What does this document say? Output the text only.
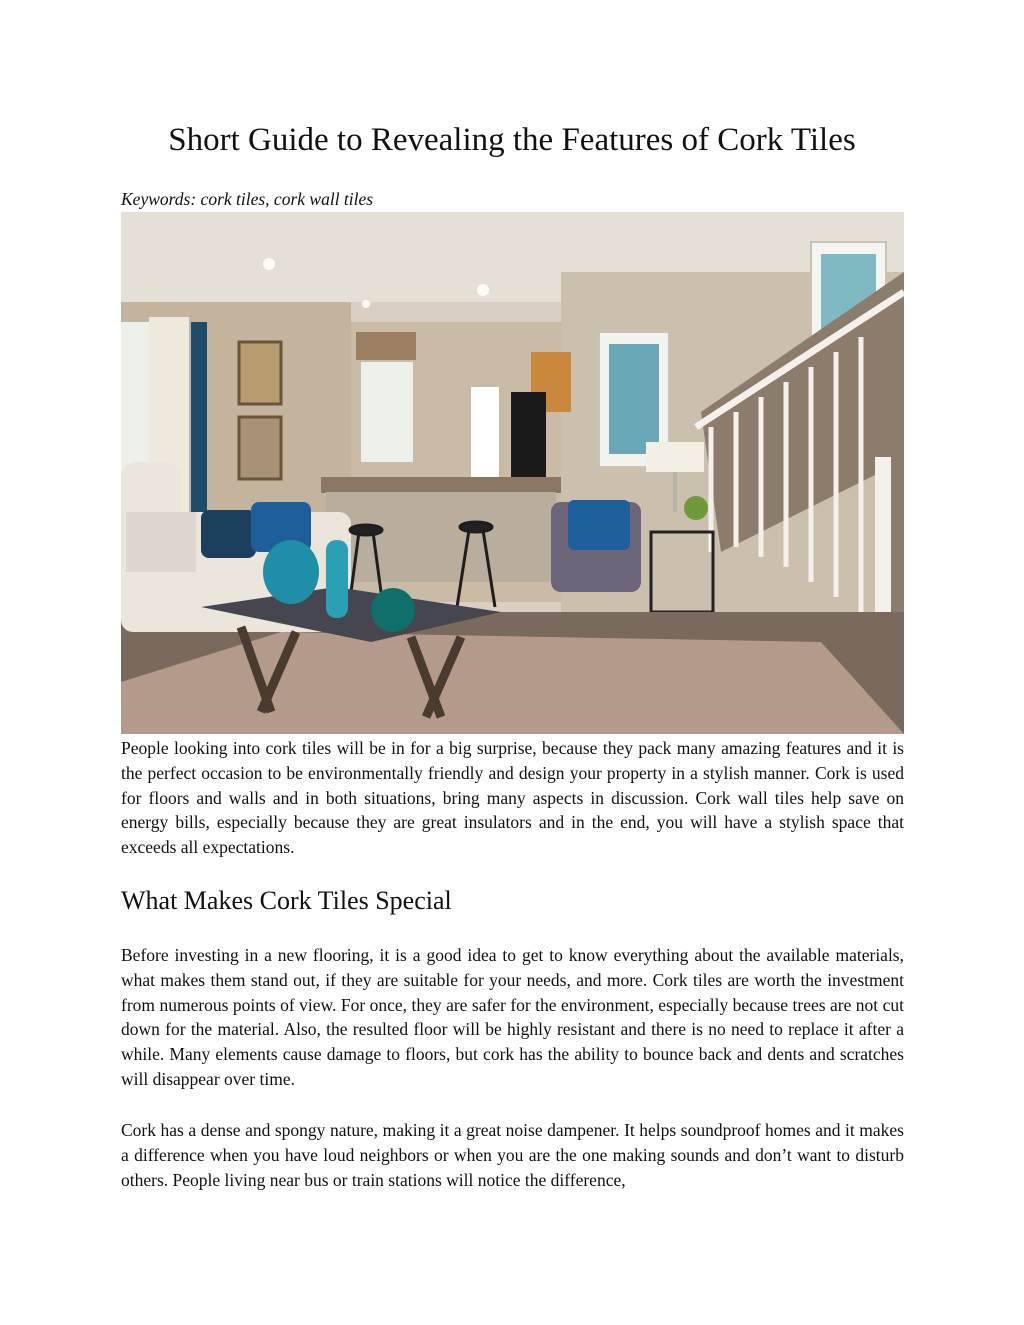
Short Guide to Revealing the Features of Cork Tiles

Keywords: cork tiles, cork wall tiles

People looking into cork tiles will be in for a big surprise, because they pack many amazing features and it is the perfect occasion to be environmentally friendly and design your property in a stylish manner. Cork is used for floors and walls and in both situations, bring many aspects in discussion. Cork wall tiles help save on energy bills, especially because they are great insulators and in the end, you will have a stylish space that exceeds all expectations.

What Makes Cork Tiles Special

Before investing in a new flooring, it is a good idea to get to know everything about the available materials, what makes them stand out, if they are suitable for your needs, and more. Cork tiles are worth the investment from numerous points of view. For once, they are safer for the environment, especially because trees are not cut down for the material. Also, the resulted floor will be highly resistant and there is no need to replace it after a while. Many elements cause damage to floors, but cork has the ability to bounce back and dents and scratches will disappear over time.

Cork has a dense and spongy nature, making it a great noise dampener. It helps soundproof homes and it makes a difference when you have loud neighbors or when you are the one making sounds and don’t want to disturb others. People living near bus or train stations will notice the difference,
